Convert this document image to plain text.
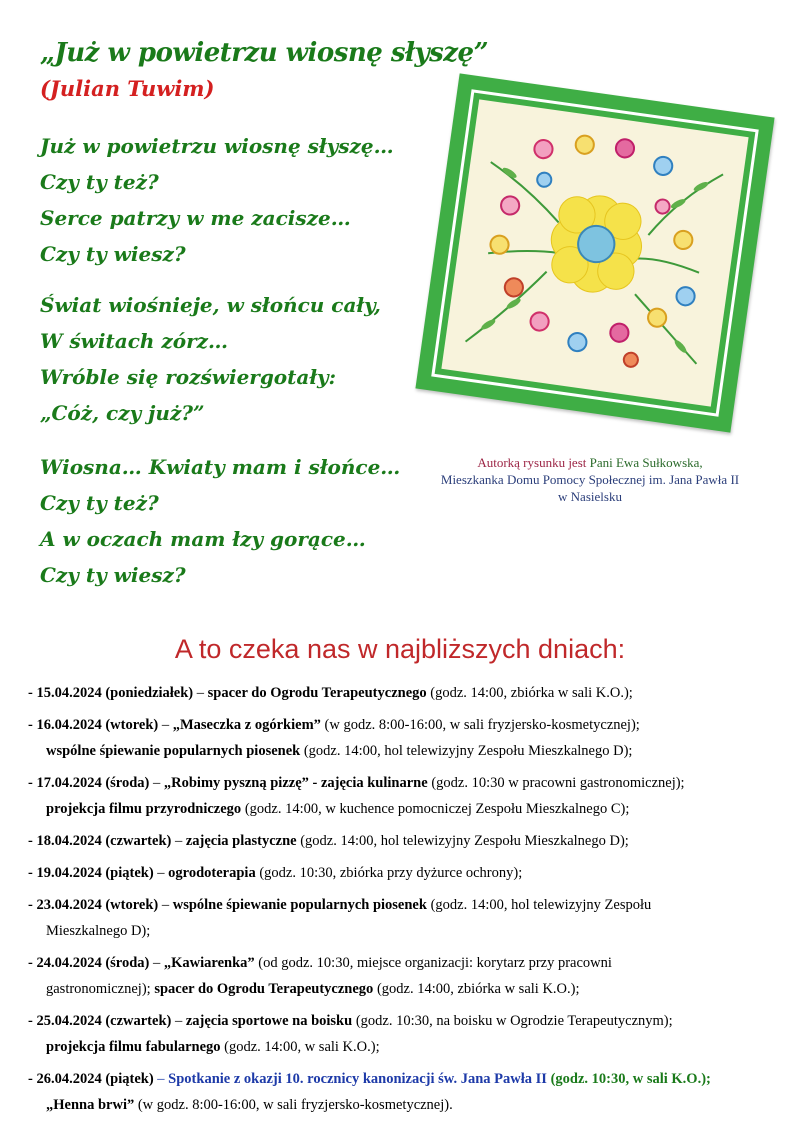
„Już w powietrzu wiosnę słyszę”
(Julian Tuwim)
Już w powietrzu wiosnę słyszę…
Czy ty też?
Serce patrzy w me zacisze…
Czy ty wiesz?
Świat wiośnieje, w słońcu cały,
W świtach zórz…
Wróble się rozświergotały:
„Cóż, czy już?”
Wiosna… Kwiaty mam i słońce…
Czy ty też?
A w oczach mam łzy gorące…
Czy ty wiesz?
Autorką rysunku jest Pani Ewa Sułkowska,
Mieszkanka Domu Pomocy Społecznej im. Jana Pawła II
w Nasielsku
A to czeka nas w najbliższych dniach:
- 15.04.2024 (poniedziałek) – spacer do Ogrodu Terapeutycznego (godz. 14:00, zbiórka w sali K.O.);
- 16.04.2024 (wtorek) – „Maseczka z ogórkiem” (w godz. 8:00-16:00, w sali fryzjersko-kosmetycznej);
wspólne śpiewanie popularnych piosenek (godz. 14:00, hol telewizyjny Zespołu Mieszkalnego D);
- 17.04.2024 (środa) – „Robimy pyszną pizzę” - zajęcia kulinarne (godz. 10:30 w pracowni gastronomicznej);
projekcja filmu przyrodniczego (godz. 14:00, w kuchence pomocniczej Zespołu Mieszkalnego C);
- 18.04.2024 (czwartek) – zajęcia plastyczne (godz. 14:00, hol telewizyjny Zespołu Mieszkalnego D);
- 19.04.2024 (piątek) – ogrodoterapia (godz. 10:30, zbiórka przy dyżurce ochrony);
- 23.04.2024 (wtorek) – wspólne śpiewanie popularnych piosenek (godz. 14:00, hol telewizyjny Zespołu
Mieszkalnego D);
- 24.04.2024 (środa) – „Kawiarenka” (od godz. 10:30, miejsce organizacji: korytarz przy pracowni
gastronomicznej); spacer do Ogrodu Terapeutycznego (godz. 14:00, zbiórka w sali K.O.);
- 25.04.2024 (czwartek) – zajęcia sportowe na boisku (godz. 10:30, na boisku w Ogrodzie Terapeutycznym);
projekcja filmu fabularnego (godz. 14:00, w sali K.O.);
- 26.04.2024 (piątek) – Spotkanie z okazji 10. rocznicy kanonizacji św. Jana Pawła II (godz. 10:30, w sali K.O.);
„Henna brwi” (w godz. 8:00-16:00, w sali fryzjersko-kosmetycznej).
